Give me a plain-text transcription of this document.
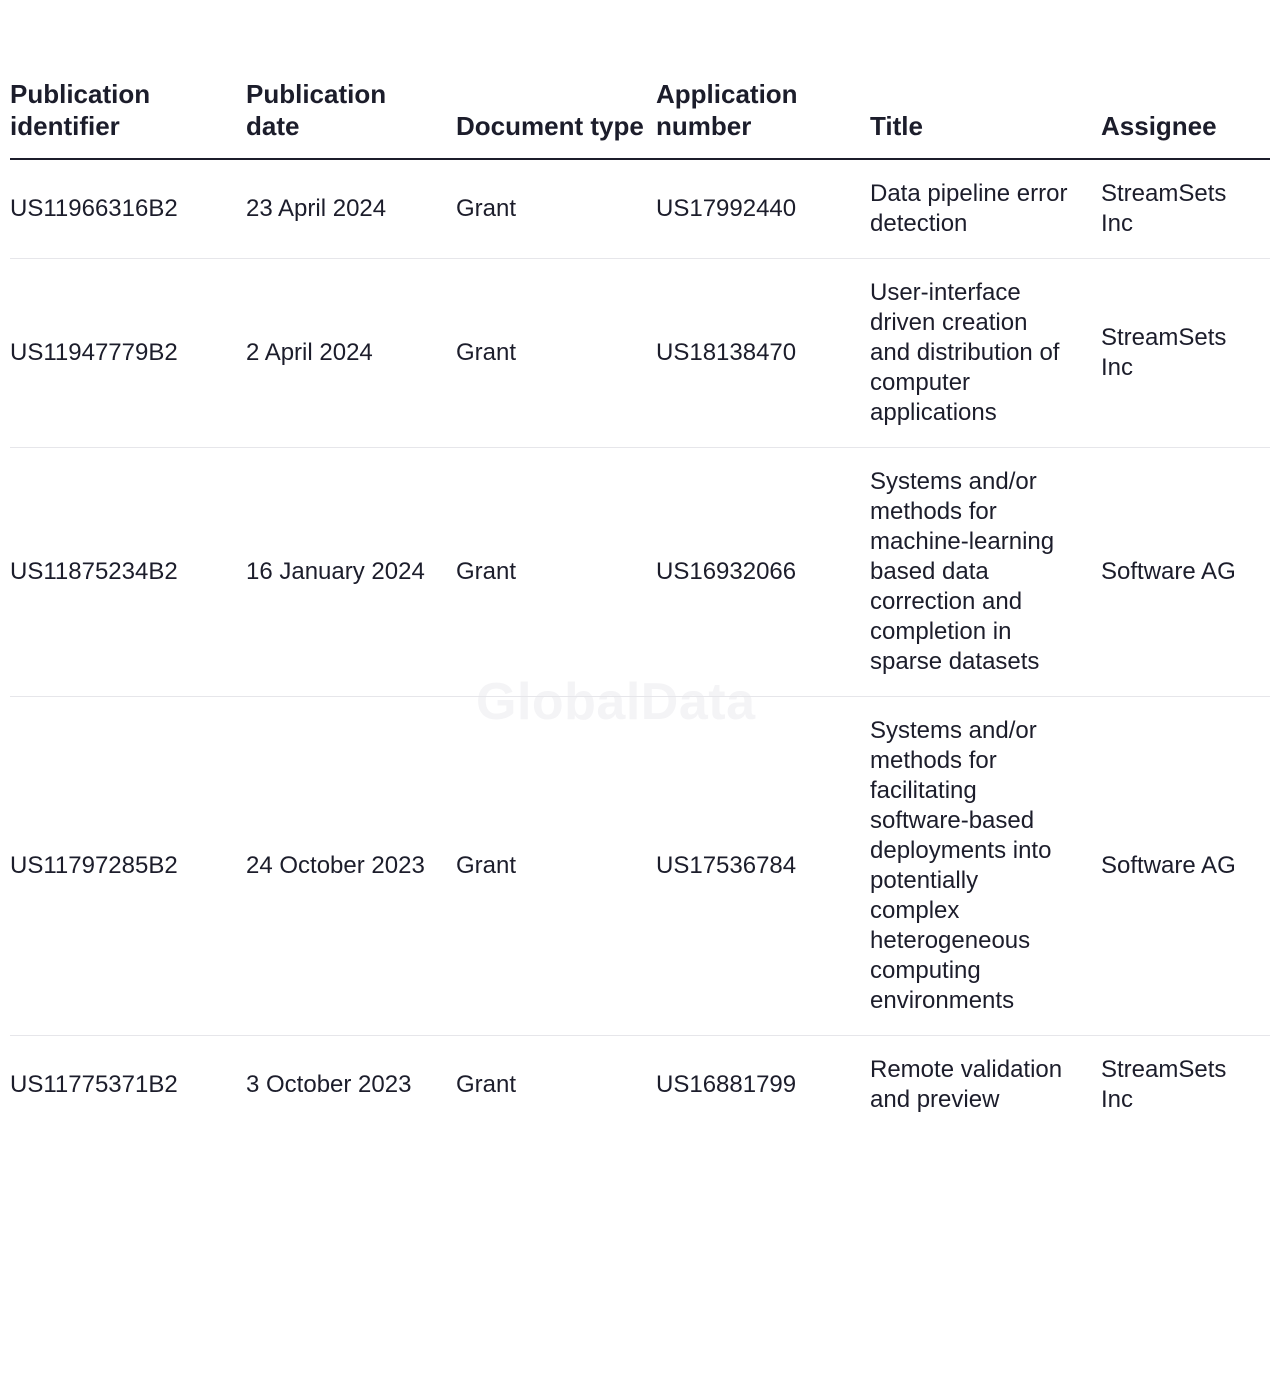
GlobalData
Publication identifier	Publication date	Document type	Application number	Title	Assignee
US11966316B2	23 April 2024	Grant	US17992440	Data pipeline error detection	StreamSets Inc
US11947779B2	2 April 2024	Grant	US18138470	User-interface driven creation and distribution of computer applications	StreamSets Inc
US11875234B2	16 January 2024	Grant	US16932066	Systems and/or methods for machine-learning based data correction and completion in sparse datasets	Software AG
US11797285B2	24 October 2023	Grant	US17536784	Systems and/or methods for facilitating software-based deployments into potentially complex heterogeneous computing environments	Software AG
US11775371B2	3 October 2023	Grant	US16881799	Remote validation and preview	StreamSets Inc
